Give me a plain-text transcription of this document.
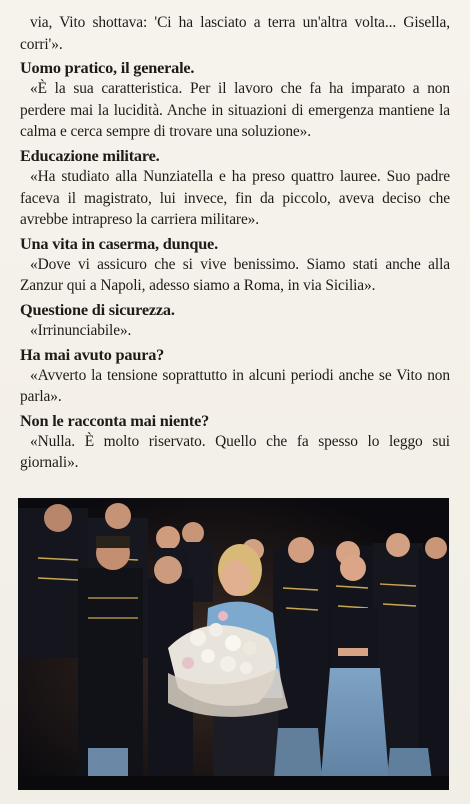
via, Vito shottava: 'Ci ha lasciato a terra un'altra volta... Gisella, corri'».

Uomo pratico, il generale.

«È la sua caratteristica. Per il lavoro che fa ha imparato a non perdere mai la lucidità. Anche in situazioni di emergenza mantiene la calma e cerca sempre di trovare una soluzione».

Educazione militare.

«Ha studiato alla Nunziatella e ha preso quattro lauree. Suo padre faceva il magistrato, lui invece, fin da piccolo, aveva deciso che avrebbe intrapreso la carriera militare».

Una vita in caserma, dunque.

«Dove vi assicuro che si vive benissimo. Siamo stati anche alla Zanzur qui a Napoli, adesso siamo a Roma, in via Sicilia».

Questione di sicurezza.

«Irrinunciabile».

Ha mai avuto paura?

«Avverto la tensione soprattutto in alcuni periodi anche se Vito non parla».

Non le racconta mai niente?

«Nulla. È molto riservato. Quello che fa spesso lo leggo sui giornali».
